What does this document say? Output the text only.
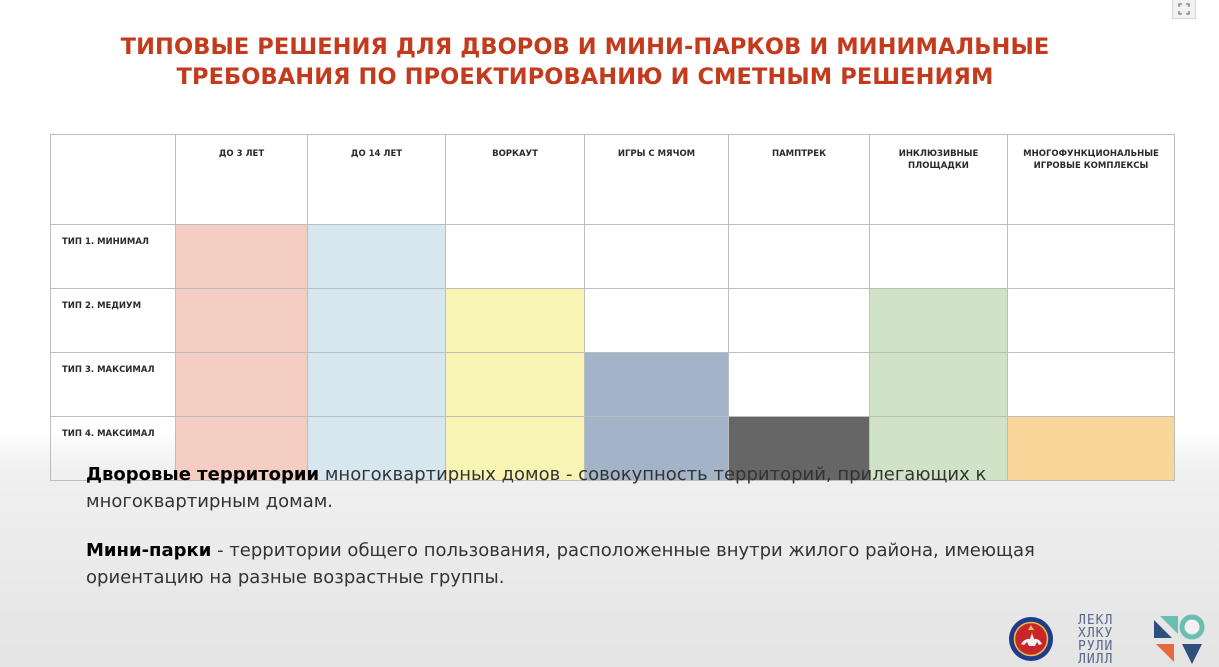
ТИПОВЫЕ РЕШЕНИЯ ДЛЯ ДВОРОВ И МИНИ-ПАРКОВ И МИНИМАЛЬНЫЕ
ТРЕБОВАНИЯ ПО ПРОЕКТИРОВАНИЮ И СМЕТНЫМ РЕШЕНИЯМ
	ДО 3 ЛЕТ	ДО 14 ЛЕТ	ВОРКАУТ	ИГРЫ С МЯЧОМ	ПАМПТРЕК	ИНКЛЮЗИВНЫЕ ПЛОЩАДКИ	МНОГОФУНКЦИОНАЛЬНЫЕ ИГРОВЫЕ КОМПЛЕКСЫ
ТИП 1. МИНИМАЛ							
ТИП 2. МЕДИУМ							
ТИП 3. МАКСИМАЛ							
ТИП 4. МАКСИМАЛ							
Дворовые территории многоквартирных домов - совокупность территорий, прилегающих к многоквартирным домам.
Мини-парки - территории общего пользования, расположенные внутри жилого района, имеющая ориентацию на разные возрастные группы.
ЛЕКЛ
ХЛКУ
РУЛИ
ЛИЛЛ
